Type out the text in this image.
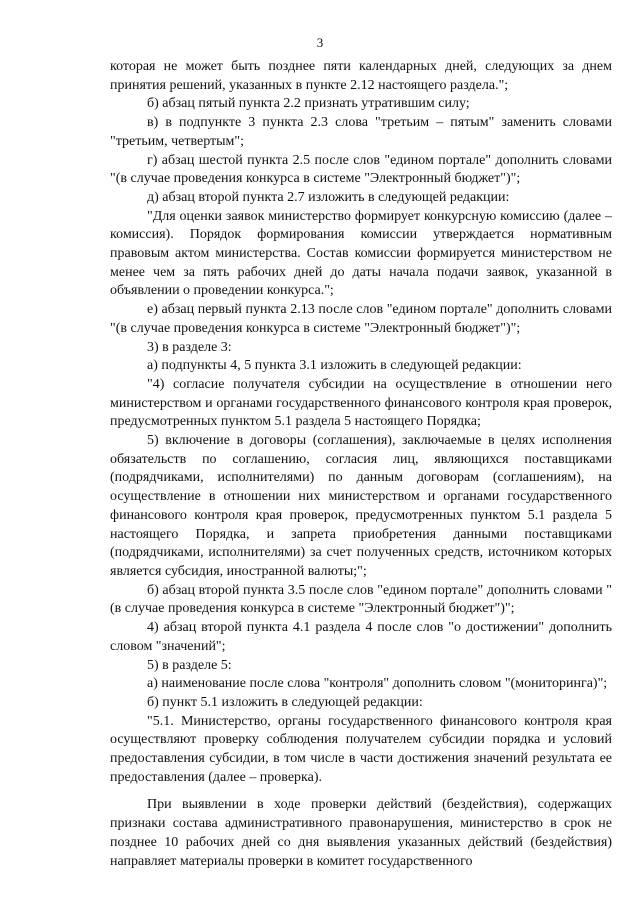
3

которая не может быть позднее пяти календарных дней, следующих за днем принятия решений, указанных в пункте 2.12 настоящего раздела.";

б) абзац пятый пункта 2.2 признать утратившим силу;

в) в подпункте 3 пункта 2.3 слова "третьим – пятым" заменить словами "третьим, четвертым";

г) абзац шестой пункта 2.5 после слов "едином портале" дополнить словами "(в случае проведения конкурса в системе "Электронный бюджет")";

д) абзац второй пункта 2.7 изложить в следующей редакции:

"Для оценки заявок министерство формирует конкурсную комиссию (далее – комиссия). Порядок формирования комиссии утверждается нормативным правовым актом министерства. Состав комиссии формируется министерством не менее чем за пять рабочих дней до даты начала подачи заявок, указанной в объявлении о проведении конкурса.";

е) абзац первый пункта 2.13 после слов "едином портале" дополнить словами "(в случае проведения конкурса в системе "Электронный бюджет")";

3) в разделе 3:

а) подпункты 4, 5 пункта 3.1 изложить в следующей редакции:

"4) согласие получателя субсидии на осуществление в отношении него министерством и органами государственного финансового контроля края проверок, предусмотренных пунктом 5.1 раздела 5 настоящего Порядка;

5) включение в договоры (соглашения), заключаемые в целях исполнения обязательств по соглашению, согласия лиц, являющихся поставщиками (подрядчиками, исполнителями) по данным договорам (соглашениям), на осуществление в отношении них министерством и органами государственного финансового контроля края проверок, предусмотренных пунктом 5.1 раздела 5 настоящего Порядка, и запрета приобретения данными поставщиками (подрядчиками, исполнителями) за счет полученных средств, источником которых является субсидия, иностранной валюты;";

б) абзац второй пункта 3.5 после слов "едином портале" дополнить словами "(в случае проведения конкурса в системе "Электронный бюджет")";

4) абзац второй пункта 4.1 раздела 4 после слов "о достижении" дополнить словом "значений";

5) в разделе 5:

а) наименование после слова "контроля" дополнить словом "(мониторинга)";

б) пункт 5.1 изложить в следующей редакции:

"5.1. Министерство, органы государственного финансового контроля края осуществляют проверку соблюдения получателем субсидии порядка и условий предоставления субсидии, в том числе в части достижения значений результата ее предоставления (далее – проверка).

При выявлении в ходе проверки действий (бездействия), содержащих признаки состава административного правонарушения, министерство в срок не позднее 10 рабочих дней со дня выявления указанных действий (бездействия) направляет материалы проверки в комитет государственного
